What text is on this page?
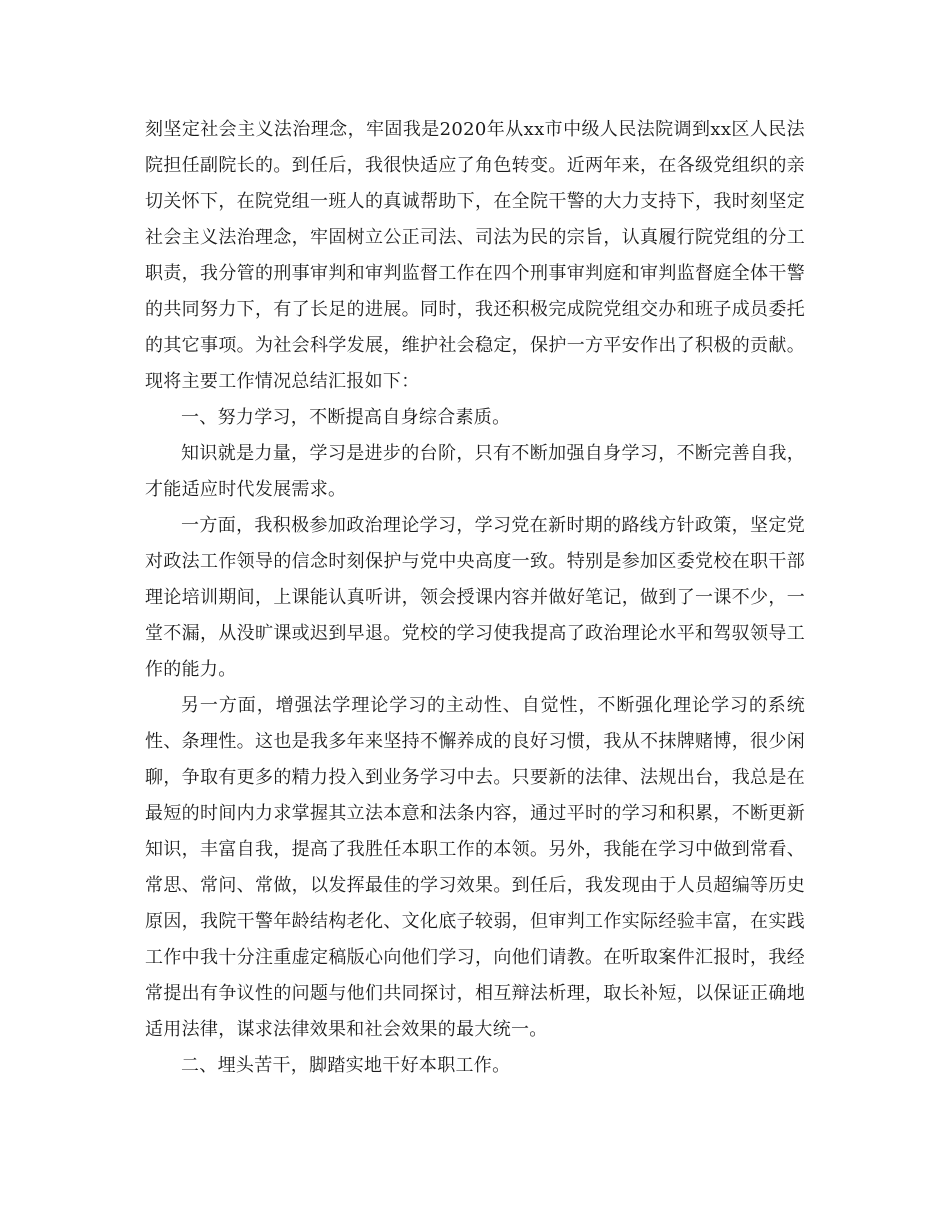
刻坚定社会主义法治理念，牢固我是2020年从xx市中级人民法院调到xx区人民法院担任副院长的。到任后，我很快适应了角色转变。近两年来，在各级党组织的亲切关怀下，在院党组一班人的真诚帮助下，在全院干警的大力支持下，我时刻坚定社会主义法治理念，牢固树立公正司法、司法为民的宗旨，认真履行院党组的分工职责，我分管的刑事审判和审判监督工作在四个刑事审判庭和审判监督庭全体干警的共同努力下，有了长足的进展。同时，我还积极完成院党组交办和班子成员委托的其它事项。为社会科学发展，维护社会稳定，保护一方平安作出了积极的贡献。现将主要工作情况总结汇报如下：

一、努力学习，不断提高自身综合素质。

知识就是力量，学习是进步的台阶，只有不断加强自身学习，不断完善自我，才能适应时代发展需求。

一方面，我积极参加政治理论学习，学习党在新时期的路线方针政策，坚定党对政法工作领导的信念时刻保护与党中央高度一致。特别是参加区委党校在职干部理论培训期间，上课能认真听讲，领会授课内容并做好笔记，做到了一课不少，一堂不漏，从没旷课或迟到早退。党校的学习使我提高了政治理论水平和驾驭领导工作的能力。

另一方面，增强法学理论学习的主动性、自觉性，不断强化理论学习的系统性、条理性。这也是我多年来坚持不懈养成的良好习惯，我从不抹牌赌博，很少闲聊，争取有更多的精力投入到业务学习中去。只要新的法律、法规出台，我总是在最短的时间内力求掌握其立法本意和法条内容，通过平时的学习和积累，不断更新知识，丰富自我，提高了我胜任本职工作的本领。另外，我能在学习中做到常看、常思、常问、常做，以发挥最佳的学习效果。到任后，我发现由于人员超编等历史原因，我院干警年龄结构老化、文化底子较弱，但审判工作实际经验丰富，在实践工作中我十分注重虚定稿版心向他们学习，向他们请教。在听取案件汇报时，我经常提出有争议性的问题与他们共同探讨，相互辩法析理，取长补短，以保证正确地适用法律，谋求法律效果和社会效果的最大统一。

二、埋头苦干，脚踏实地干好本职工作。
